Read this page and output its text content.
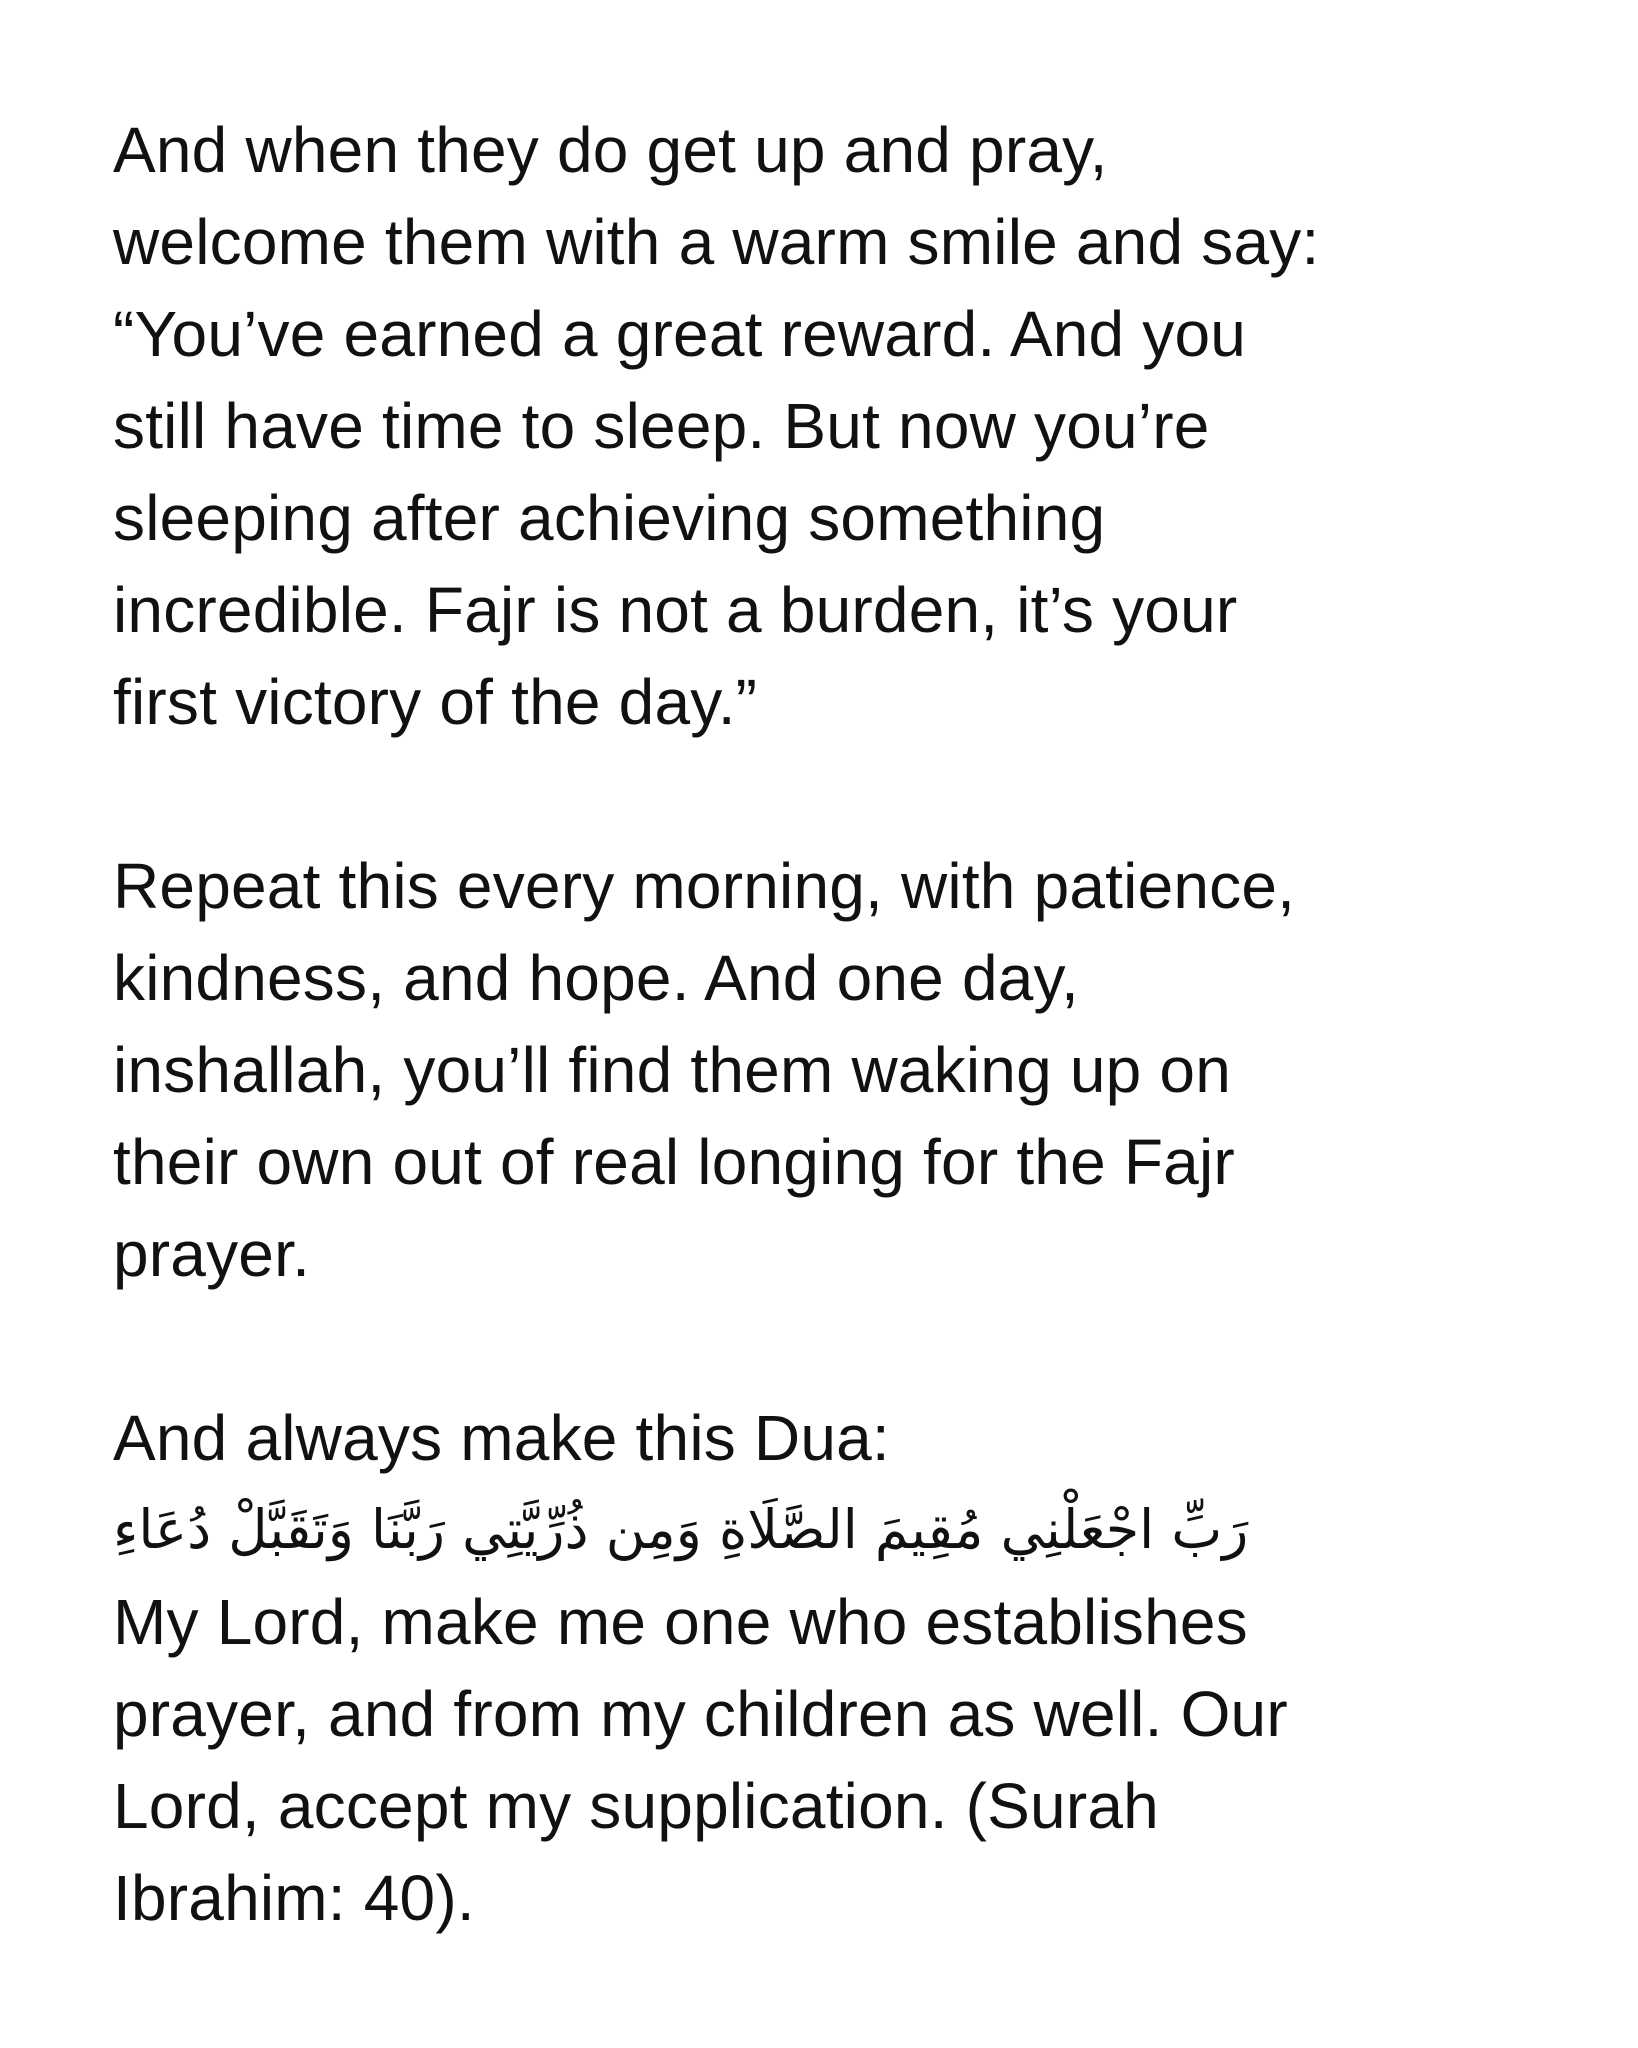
And when they do get up and pray,
welcome them with a warm smile and say:
“You’ve earned a great reward. And you
still have time to sleep. But now you’re
sleeping after achieving something
incredible. Fajr is not a burden, it’s your
first victory of the day.”
Repeat this every morning, with patience,
kindness, and hope. And one day,
inshallah, you’ll find them waking up on
their own out of real longing for the Fajr
prayer.
And always make this Dua:
رَبِّ اجْعَلْنِي مُقِيمَ الصَّلَاةِ وَمِن ذُرِّيَّتِي رَبَّنَا وَتَقَبَّلْ دُعَاءِ
My Lord, make me one who establishes
prayer, and from my children as well. Our
Lord, accept my supplication. (Surah
Ibrahim: 40).
